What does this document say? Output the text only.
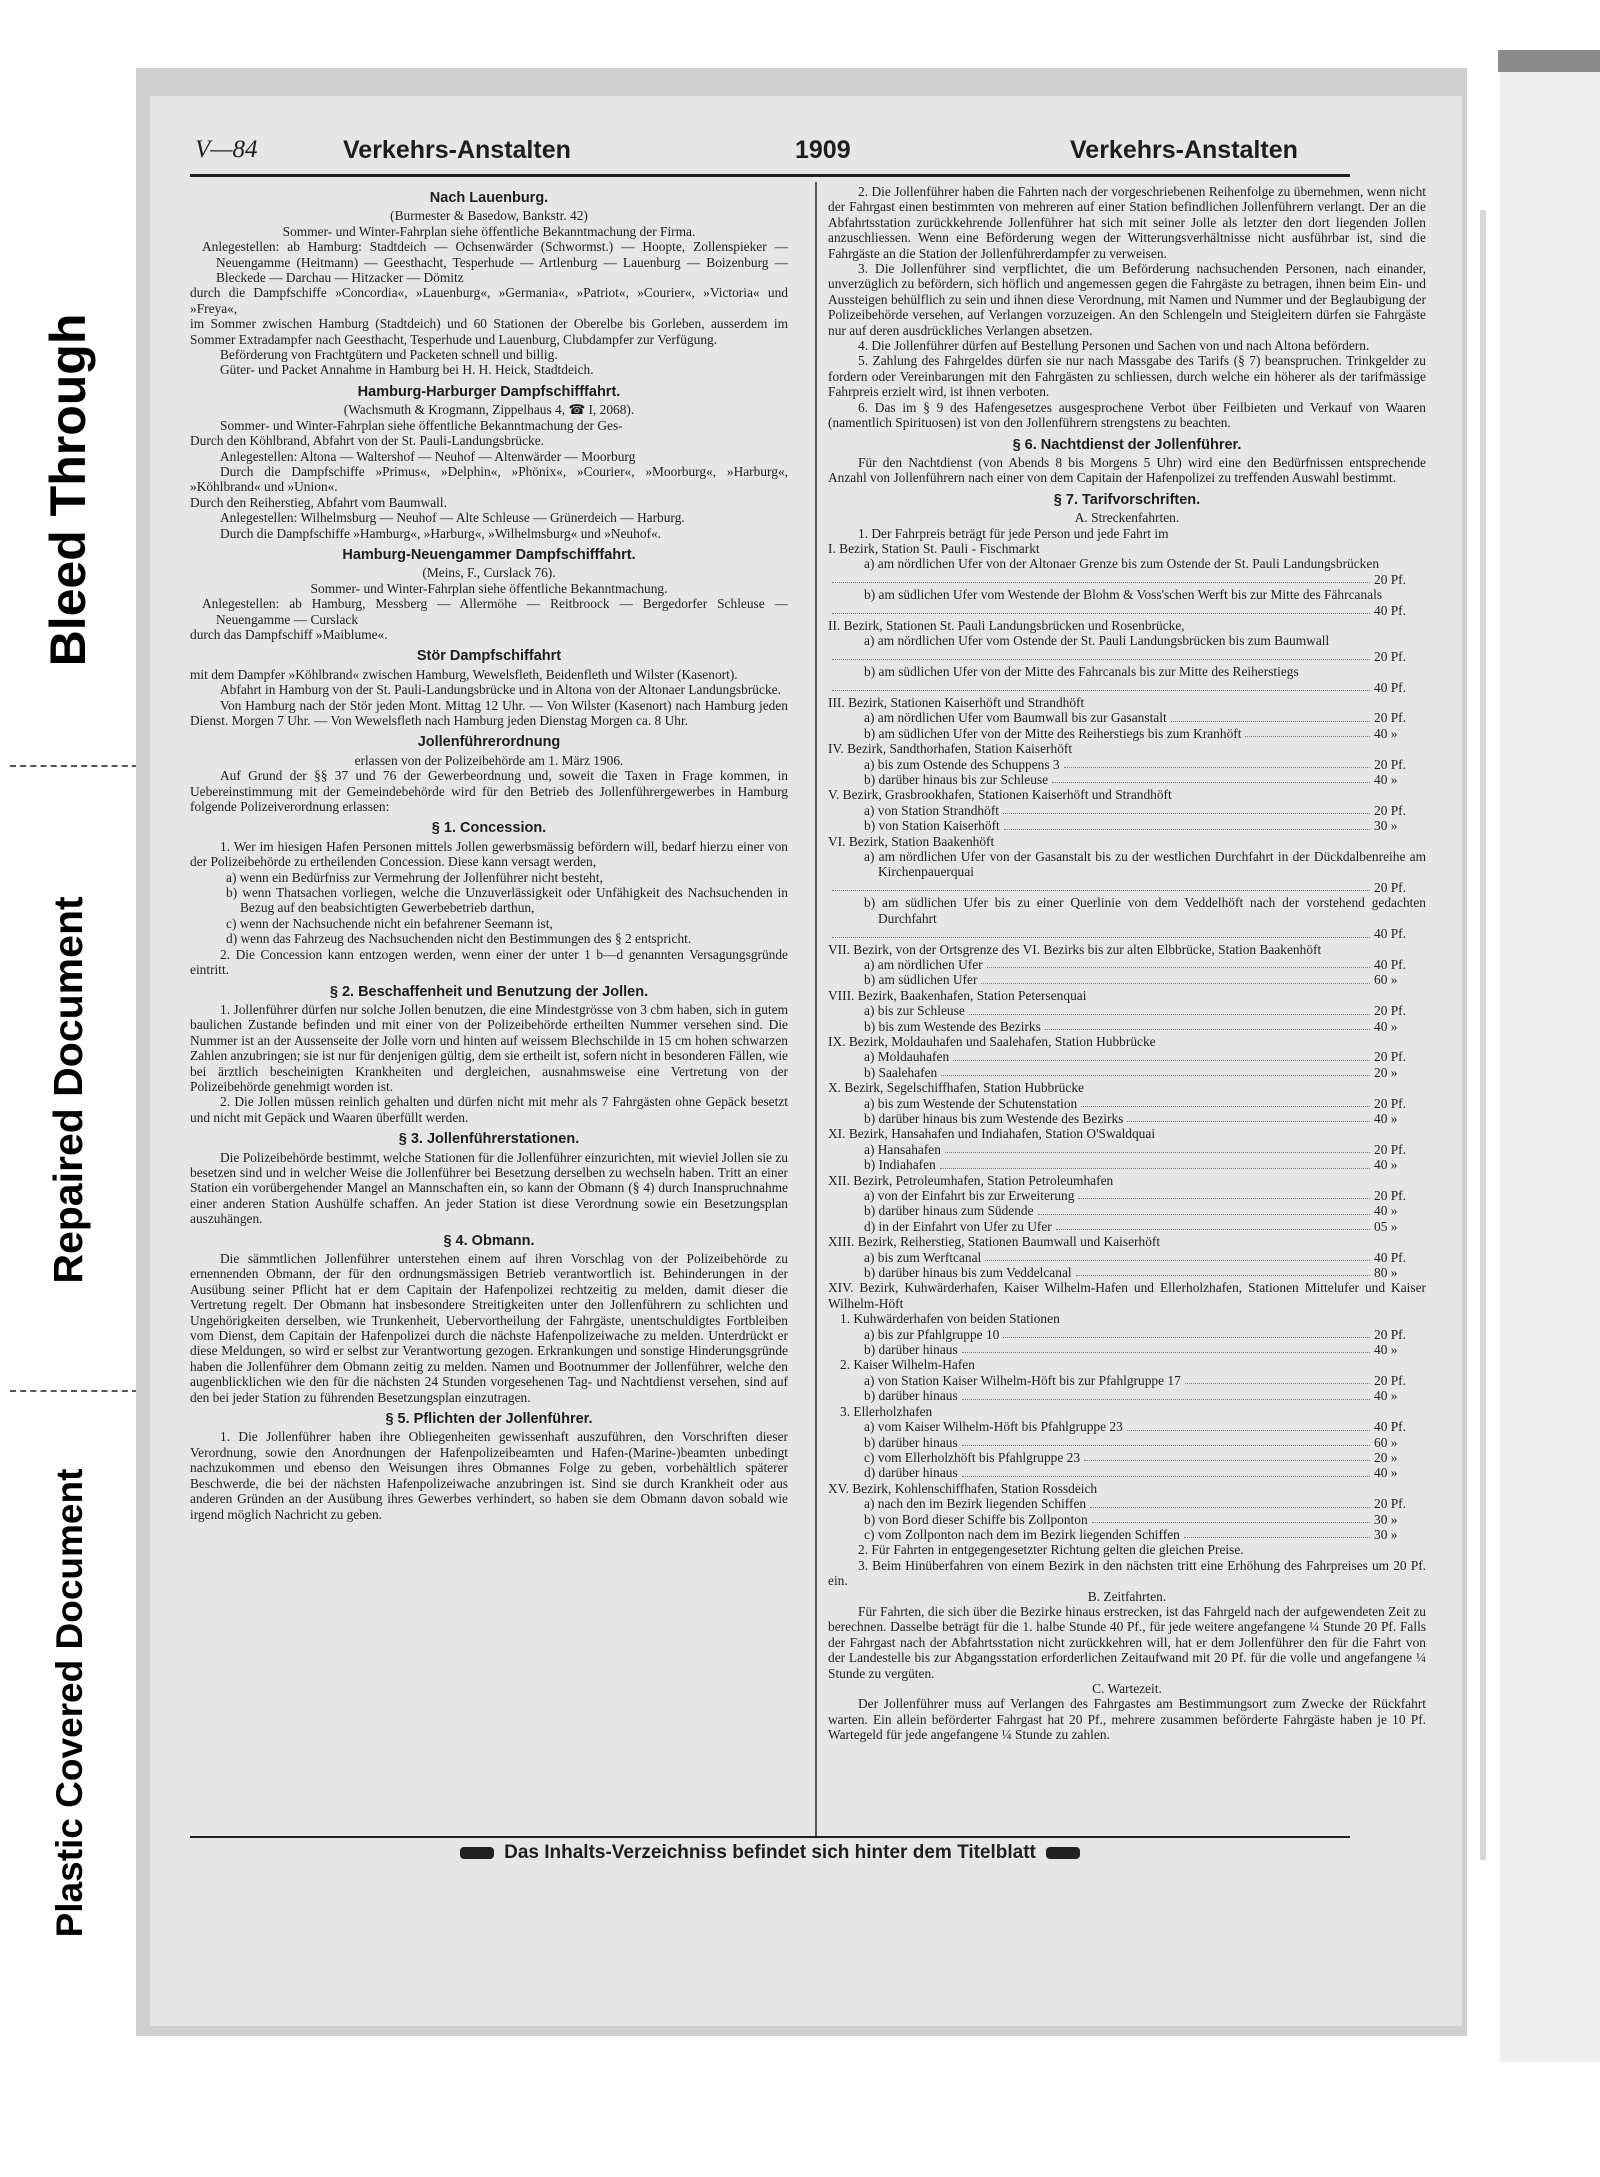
Bleed Through
Repaired Document
Plastic Covered Document
V—84	Verkehrs-Anstalten	1909	Verkehrs-Anstalten
Nach Lauenburg.
(Burmester & Basedow, Bankstr. 42)
Sommer- und Winter-Fahrplan siehe öffentliche Bekanntmachung der Firma.
Anlegestellen: ab Hamburg: Stadtdeich — Ochsenwärder (Schwormst.) — Hoopte, Zollenspieker — Neuengamme (Heitmann) — Geesthacht, Tesperhude — Artlenburg — Lauenburg — Boizenburg — Bleckede — Darchau — Hitzacker — Dömitz
durch die Dampfschiffe »Concordia«, »Lauenburg«, »Germania«, »Patriot«, »Courier«, »Victoria« und »Freya«,
im Sommer zwischen Hamburg (Stadtdeich) und 60 Stationen der Oberelbe bis Gorleben, ausserdem im Sommer Extradampfer nach Geesthacht, Tesperhude und Lauenburg, Clubdampfer zur Verfügung.
Beförderung von Frachtgütern und Packeten schnell und billig.
Güter- und Packet Annahme in Hamburg bei H. H. Heick, Stadtdeich.
Hamburg-Harburger Dampfschifffahrt.
(Wachsmuth & Krogmann, Zippelhaus 4, ☎ I, 2068).
Sommer- und Winter-Fahrplan siehe öffentliche Bekanntmachung der Ges-
Durch den Köhlbrand, Abfahrt von der St. Pauli-Landungsbrücke.
Anlegestellen: Altona — Waltershof — Neuhof — Altenwärder — Moorburg
Durch die Dampfschiffe »Primus«, »Delphin«, »Phönix«, »Courier«, »Moorburg«, »Harburg«, »Köhlbrand« und »Union«.
Durch den Reiherstieg, Abfahrt vom Baumwall.
Anlegestellen: Wilhelmsburg — Neuhof — Alte Schleuse — Grünerdeich — Harburg.
Durch die Dampfschiffe »Hamburg«, »Harburg«, »Wilhelmsburg« und »Neuhof«.
Hamburg-Neuengammer Dampfschifffahrt.
(Meins, F., Curslack 76).
Sommer- und Winter-Fahrplan siehe öffentliche Bekanntmachung.
Anlegestellen: ab Hamburg, Messberg — Allermöhe — Reitbroock — Bergedorfer Schleuse — Neuengamme — Curslack
durch das Dampfschiff »Maiblume«.
Stör Dampfschiffahrt
mit dem Dampfer »Köhlbrand« zwischen Hamburg, Wewelsfleth, Beidenfleth und Wilster (Kasenort).
Abfahrt in Hamburg von der St. Pauli-Landungsbrücke und in Altona von der Altonaer Landungsbrücke.
Von Hamburg nach der Stör jeden Mont. Mittag 12 Uhr. — Von Wilster (Kasenort) nach Hamburg jeden Dienst. Morgen 7 Uhr. — Von Wewelsfleth nach Hamburg jeden Dienstag Morgen ca. 8 Uhr.
Jollenführerordnung
erlassen von der Polizeibehörde am 1. März 1906.
Auf Grund der §§ 37 und 76 der Gewerbeordnung und, soweit die Taxen in Frage kommen, in Uebereinstimmung mit der Gemeindebehörde wird für den Betrieb des Jollenführergewerbes in Hamburg folgende Polizeiverordnung erlassen:
§ 1. Concession.
1. Wer im hiesigen Hafen Personen mittels Jollen gewerbsmässig befördern will, bedarf hierzu einer von der Polizeibehörde zu ertheilenden Concession. Diese kann versagt werden,
a) wenn ein Bedürfniss zur Vermehrung der Jollenführer nicht besteht,
b) wenn Thatsachen vorliegen, welche die Unzuverlässigkeit oder Unfähigkeit des Nachsuchenden in Bezug auf den beabsichtigten Gewerbebetrieb darthun,
c) wenn der Nachsuchende nicht ein befahrener Seemann ist,
d) wenn das Fahrzeug des Nachsuchenden nicht den Bestimmungen des § 2 entspricht.
2. Die Concession kann entzogen werden, wenn einer der unter 1 b—d genannten Versagungsgründe eintritt.
§ 2. Beschaffenheit und Benutzung der Jollen.
1. Jollenführer dürfen nur solche Jollen benutzen, die eine Mindestgrösse von 3 cbm haben, sich in gutem baulichen Zustande befinden und mit einer von der Polizeibehörde ertheilten Nummer versehen sind. Die Nummer ist an der Aussenseite der Jolle vorn und hinten auf weissem Blechschilde in 15 cm hohen schwarzen Zahlen anzubringen; sie ist nur für denjenigen gültig, dem sie ertheilt ist, sofern nicht in besonderen Fällen, wie bei ärztlich bescheinigten Krankheiten und dergleichen, ausnahmsweise eine Vertretung von der Polizeibehörde genehmigt worden ist.
2. Die Jollen müssen reinlich gehalten und dürfen nicht mit mehr als 7 Fahrgästen ohne Gepäck besetzt und nicht mit Gepäck und Waaren überfüllt werden.
§ 3. Jollenführerstationen.
Die Polizeibehörde bestimmt, welche Stationen für die Jollenführer einzurichten, mit wieviel Jollen sie zu besetzen sind und in welcher Weise die Jollenführer bei Besetzung derselben zu wechseln haben. Tritt an einer Station ein vorübergehender Mangel an Mannschaften ein, so kann der Obmann (§ 4) durch Inanspruchnahme einer anderen Station Aushülfe schaffen. An jeder Station ist diese Verordnung sowie ein Besetzungsplan auszuhängen.
§ 4. Obmann.
Die sämmtlichen Jollenführer unterstehen einem auf ihren Vorschlag von der Polizeibehörde zu ernennenden Obmann, der für den ordnungsmässigen Betrieb verantwortlich ist. Behinderungen in der Ausübung seiner Pflicht hat er dem Capitain der Hafenpolizei rechtzeitig zu melden, damit dieser die Vertretung regelt. Der Obmann hat insbesondere Streitigkeiten unter den Jollenführern zu schlichten und Ungehörigkeiten derselben, wie Trunkenheit, Uebervortheilung der Fahrgäste, unentschuldigtes Fortbleiben vom Dienst, dem Capitain der Hafenpolizei durch die nächste Hafenpolizeiwache zu melden. Unterdrückt er diese Meldungen, so wird er selbst zur Verantwortung gezogen. Erkrankungen und sonstige Hinderungsgründe haben die Jollenführer dem Obmann zeitig zu melden. Namen und Bootnummer der Jollenführer, welche den augenblicklichen wie den für die nächsten 24 Stunden vorgesehenen Tag- und Nachtdienst versehen, sind auf den bei jeder Station zu führenden Besetzungsplan einzutragen.
§ 5. Pflichten der Jollenführer.
1. Die Jollenführer haben ihre Obliegenheiten gewissenhaft auszuführen, den Vorschriften dieser Verordnung, sowie den Anordnungen der Hafenpolizeibeamten und Hafen-(Marine-)beamten unbedingt nachzukommen und ebenso den Weisungen ihres Obmannes Folge zu geben, vorbehältlich späterer Beschwerde, die bei der nächsten Hafenpolizeiwache anzubringen ist. Sind sie durch Krankheit oder aus anderen Gründen an der Ausübung ihres Gewerbes verhindert, so haben sie dem Obmann davon sobald wie irgend möglich Nachricht zu geben.
2. Die Jollenführer haben die Fahrten nach der vorgeschriebenen Reihenfolge zu übernehmen, wenn nicht der Fahrgast einen bestimmten von mehreren auf einer Station befindlichen Jollenführern verlangt. Der an die Abfahrtsstation zurückkehrende Jollenführer hat sich mit seiner Jolle als letzter den dort liegenden Jollen anzuschliessen. Wenn eine Beförderung wegen der Witterungsverhältnisse nicht ausführbar ist, sind die Fahrgäste an die Station der Jollenführerdampfer zu verweisen.
3. Die Jollenführer sind verpflichtet, die um Beförderung nachsuchenden Personen, nach einander, unverzüglich zu befördern, sich höflich und angemessen gegen die Fahrgäste zu betragen, ihnen beim Ein- und Aussteigen behülflich zu sein und ihnen diese Verordnung, mit Namen und Nummer und der Beglaubigung der Polizeibehörde versehen, auf Verlangen vorzuzeigen. An den Schlengeln und Steigleitern dürfen sie Fahrgäste nur auf deren ausdrückliches Verlangen absetzen.
4. Die Jollenführer dürfen auf Bestellung Personen und Sachen von und nach Altona befördern.
5. Zahlung des Fahrgeldes dürfen sie nur nach Massgabe des Tarifs (§ 7) beanspruchen. Trinkgelder zu fordern oder Vereinbarungen mit den Fahrgästen zu schliessen, durch welche ein höherer als der tarifmässige Fahrpreis erzielt wird, ist ihnen verboten.
6. Das im § 9 des Hafengesetzes ausgesprochene Verbot über Feilbieten und Verkauf von Waaren (namentlich Spirituosen) ist von den Jollenführern strengstens zu beachten.
§ 6. Nachtdienst der Jollenführer.
Für den Nachtdienst (von Abends 8 bis Morgens 5 Uhr) wird eine den Bedürfnissen entsprechende Anzahl von Jollenführern nach einer von dem Capitain der Hafenpolizei zu treffenden Auswahl bestimmt.
§ 7. Tarifvorschriften.
A. Streckenfahrten.
1. Der Fahrpreis beträgt für jede Person und jede Fahrt im
I. Bezirk, Station St. Pauli - Fischmarkt
a) am nördlichen Ufer von der Altonaer Grenze bis zum Ostende der St. Pauli Landungsbrücken
20 Pf.
b) am südlichen Ufer vom Westende der Blohm & Voss'schen Werft bis zur Mitte des Fährcanals
40 Pf.
II. Bezirk, Stationen St. Pauli Landungsbrücken und Rosenbrücke,
a) am nördlichen Ufer vom Ostende der St. Pauli Landungsbrücken bis zum Baumwall
20 Pf.
b) am südlichen Ufer von der Mitte des Fahrcanals bis zur Mitte des Reiherstiegs
40 Pf.
III. Bezirk, Stationen Kaiserhöft und Strandhöft
a) am nördlichen Ufer vom Baumwall bis zur Gasanstalt	20 Pf.
b) am südlichen Ufer von der Mitte des Reiherstiegs bis zum Kranhöft	40 »
IV. Bezirk, Sandthorhafen, Station Kaiserhöft
a) bis zum Ostende des Schuppens 3	20 Pf.
b) darüber hinaus bis zur Schleuse	40 »
V. Bezirk, Grasbrookhafen, Stationen Kaiserhöft und Strandhöft
a) von Station Strandhöft	20 Pf.
b) von Station Kaiserhöft	30 »
VI. Bezirk, Station Baakenhöft
a) am nördlichen Ufer von der Gasanstalt bis zu der westlichen Durchfahrt in der Dückdalbenreihe am Kirchenpauerquai
20 Pf.
b) am südlichen Ufer bis zu einer Querlinie von dem Veddelhöft nach der vorstehend gedachten Durchfahrt
40 Pf.
VII. Bezirk, von der Ortsgrenze des VI. Bezirks bis zur alten Elbbrücke, Station Baakenhöft
a) am nördlichen Ufer	40 Pf.
b) am südlichen Ufer	60 »
VIII. Bezirk, Baakenhafen, Station Petersenquai
a) bis zur Schleuse	20 Pf.
b) bis zum Westende des Bezirks	40 »
IX. Bezirk, Moldauhafen und Saalehafen, Station Hubbrücke
a) Moldauhafen	20 Pf.
b) Saalehafen	20 »
X. Bezirk, Segelschiffhafen, Station Hubbrücke
a) bis zum Westende der Schutenstation	20 Pf.
b) darüber hinaus bis zum Westende des Bezirks	40 »
XI. Bezirk, Hansahafen und Indiahafen, Station O'Swaldquai
a) Hansahafen	20 Pf.
b) Indiahafen	40 »
XII. Bezirk, Petroleumhafen, Station Petroleumhafen
a) von der Einfahrt bis zur Erweiterung	20 Pf.
b) darüber hinaus zum Südende	40 »
d) in der Einfahrt von Ufer zu Ufer	05 »
XIII. Bezirk, Reiherstieg, Stationen Baumwall und Kaiserhöft
a) bis zum Werftcanal	40 Pf.
b) darüber hinaus bis zum Veddelcanal	80 »
XIV. Bezirk, Kuhwärderhafen, Kaiser Wilhelm-Hafen und Ellerholzhafen, Stationen Mittelufer und Kaiser Wilhelm-Höft
1. Kuhwärderhafen von beiden Stationen
a) bis zur Pfahlgruppe 10	20 Pf.
b) darüber hinaus	40 »
2. Kaiser Wilhelm-Hafen
a) von Station Kaiser Wilhelm-Höft bis zur Pfahlgruppe 17	20 Pf.
b) darüber hinaus	40 »
3. Ellerholzhafen
a) vom Kaiser Wilhelm-Höft bis Pfahlgruppe 23	40 Pf.
b) darüber hinaus	60 »
c) vom Ellerholzhöft bis Pfahlgruppe 23	20 »
d) darüber hinaus	40 »
XV. Bezirk, Kohlenschiffhafen, Station Rossdeich
a) nach den im Bezirk liegenden Schiffen	20 Pf.
b) von Bord dieser Schiffe bis Zollponton	30 »
c) vom Zollponton nach dem im Bezirk liegenden Schiffen	30 »
2. Für Fahrten in entgegengesetzter Richtung gelten die gleichen Preise.
3. Beim Hinüberfahren von einem Bezirk in den nächsten tritt eine Erhöhung des Fahrpreises um 20 Pf. ein.
B. Zeitfahrten.
Für Fahrten, die sich über die Bezirke hinaus erstrecken, ist das Fahrgeld nach der aufgewendeten Zeit zu berechnen. Dasselbe beträgt für die 1. halbe Stunde 40 Pf., für jede weitere angefangene ¼ Stunde 20 Pf. Falls der Fahrgast nach der Abfahrtsstation nicht zurückkehren will, hat er dem Jollenführer den für die Fahrt von der Landestelle bis zur Abgangsstation erforderlichen Zeitaufwand mit 20 Pf. für die volle und angefangene ¼ Stunde zu vergüten.
C. Wartezeit.
Der Jollenführer muss auf Verlangen des Fahrgastes am Bestimmungsort zum Zwecke der Rückfahrt warten. Ein allein beförderter Fahrgast hat 20 Pf., mehrere zusammen beförderte Fahrgäste haben je 10 Pf. Wartegeld für jede angefangene ¼ Stunde zu zahlen.
Das Inhalts-Verzeichniss befindet sich hinter dem Titelblatt
